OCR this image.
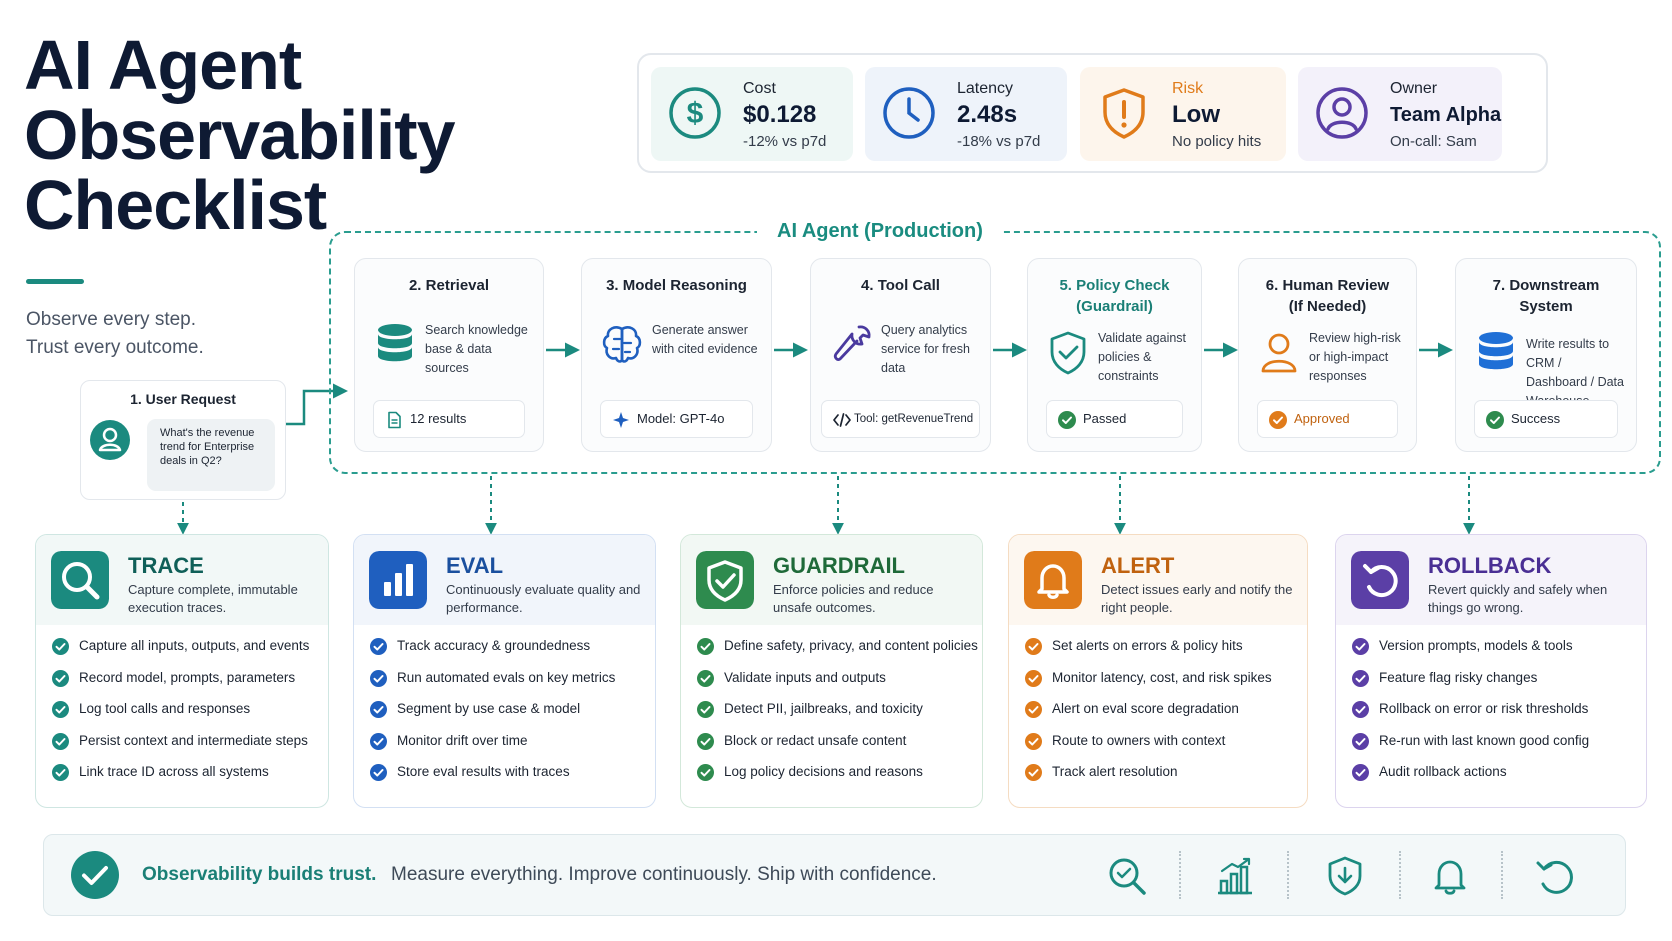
AI Agent
Observability
Checklist
Observe every step.
Trust every outcome.
$
Cost
$0.128
-12% vs p7d
Latency
2.48s
-18% vs p7d
Risk
Low
No policy hits
Owner
Team Alpha
On-call: Sam
AI Agent (Production)
1. User Request
What's the revenue trend for Enterprise deals in Q2?
2. Retrieval
Search knowledge base & data sources
12 results
3. Model Reasoning
Generate answer with cited evidence
Model: GPT-4o
4. Tool Call
Query analytics service for fresh data
Tool: getRevenueTrend
5. Policy Check
(Guardrail)
Validate against policies & constraints
Passed
6. Human Review
(If Needed)
Review high-risk or high-impact responses
Approved
7. Downstream
System
Write results to CRM / Dashboard / Data
Success
TRACE
Capture complete, immutable execution traces.
Capture all inputs, outputs, and events
Record model, prompts, parameters
Log tool calls and responses
Persist context and intermediate steps
Link trace ID across all systems
EVAL
Continuously evaluate quality and performance.
Track accuracy & groundedness
Run automated evals on key metrics
Segment by use case & model
Monitor drift over time
Store eval results with traces
GUARDRAIL
Enforce policies and reduce unsafe outcomes.
Define safety, privacy, and content policies
Validate inputs and outputs
Detect PII, jailbreaks, and toxicity
Block or redact unsafe content
Log policy decisions and reasons
ALERT
Detect issues early and notify the right people.
Set alerts on errors & policy hits
Monitor latency, cost, and risk spikes
Alert on eval score degradation
Route to owners with context
Track alert resolution
ROLLBACK
Revert quickly and safely when things go wrong.
Version prompts, models & tools
Feature flag risky changes
Rollback on error or risk thresholds
Re-run with last known good config
Audit rollback actions
Observability builds trust. Measure everything. Improve continuously. Ship with confidence.
